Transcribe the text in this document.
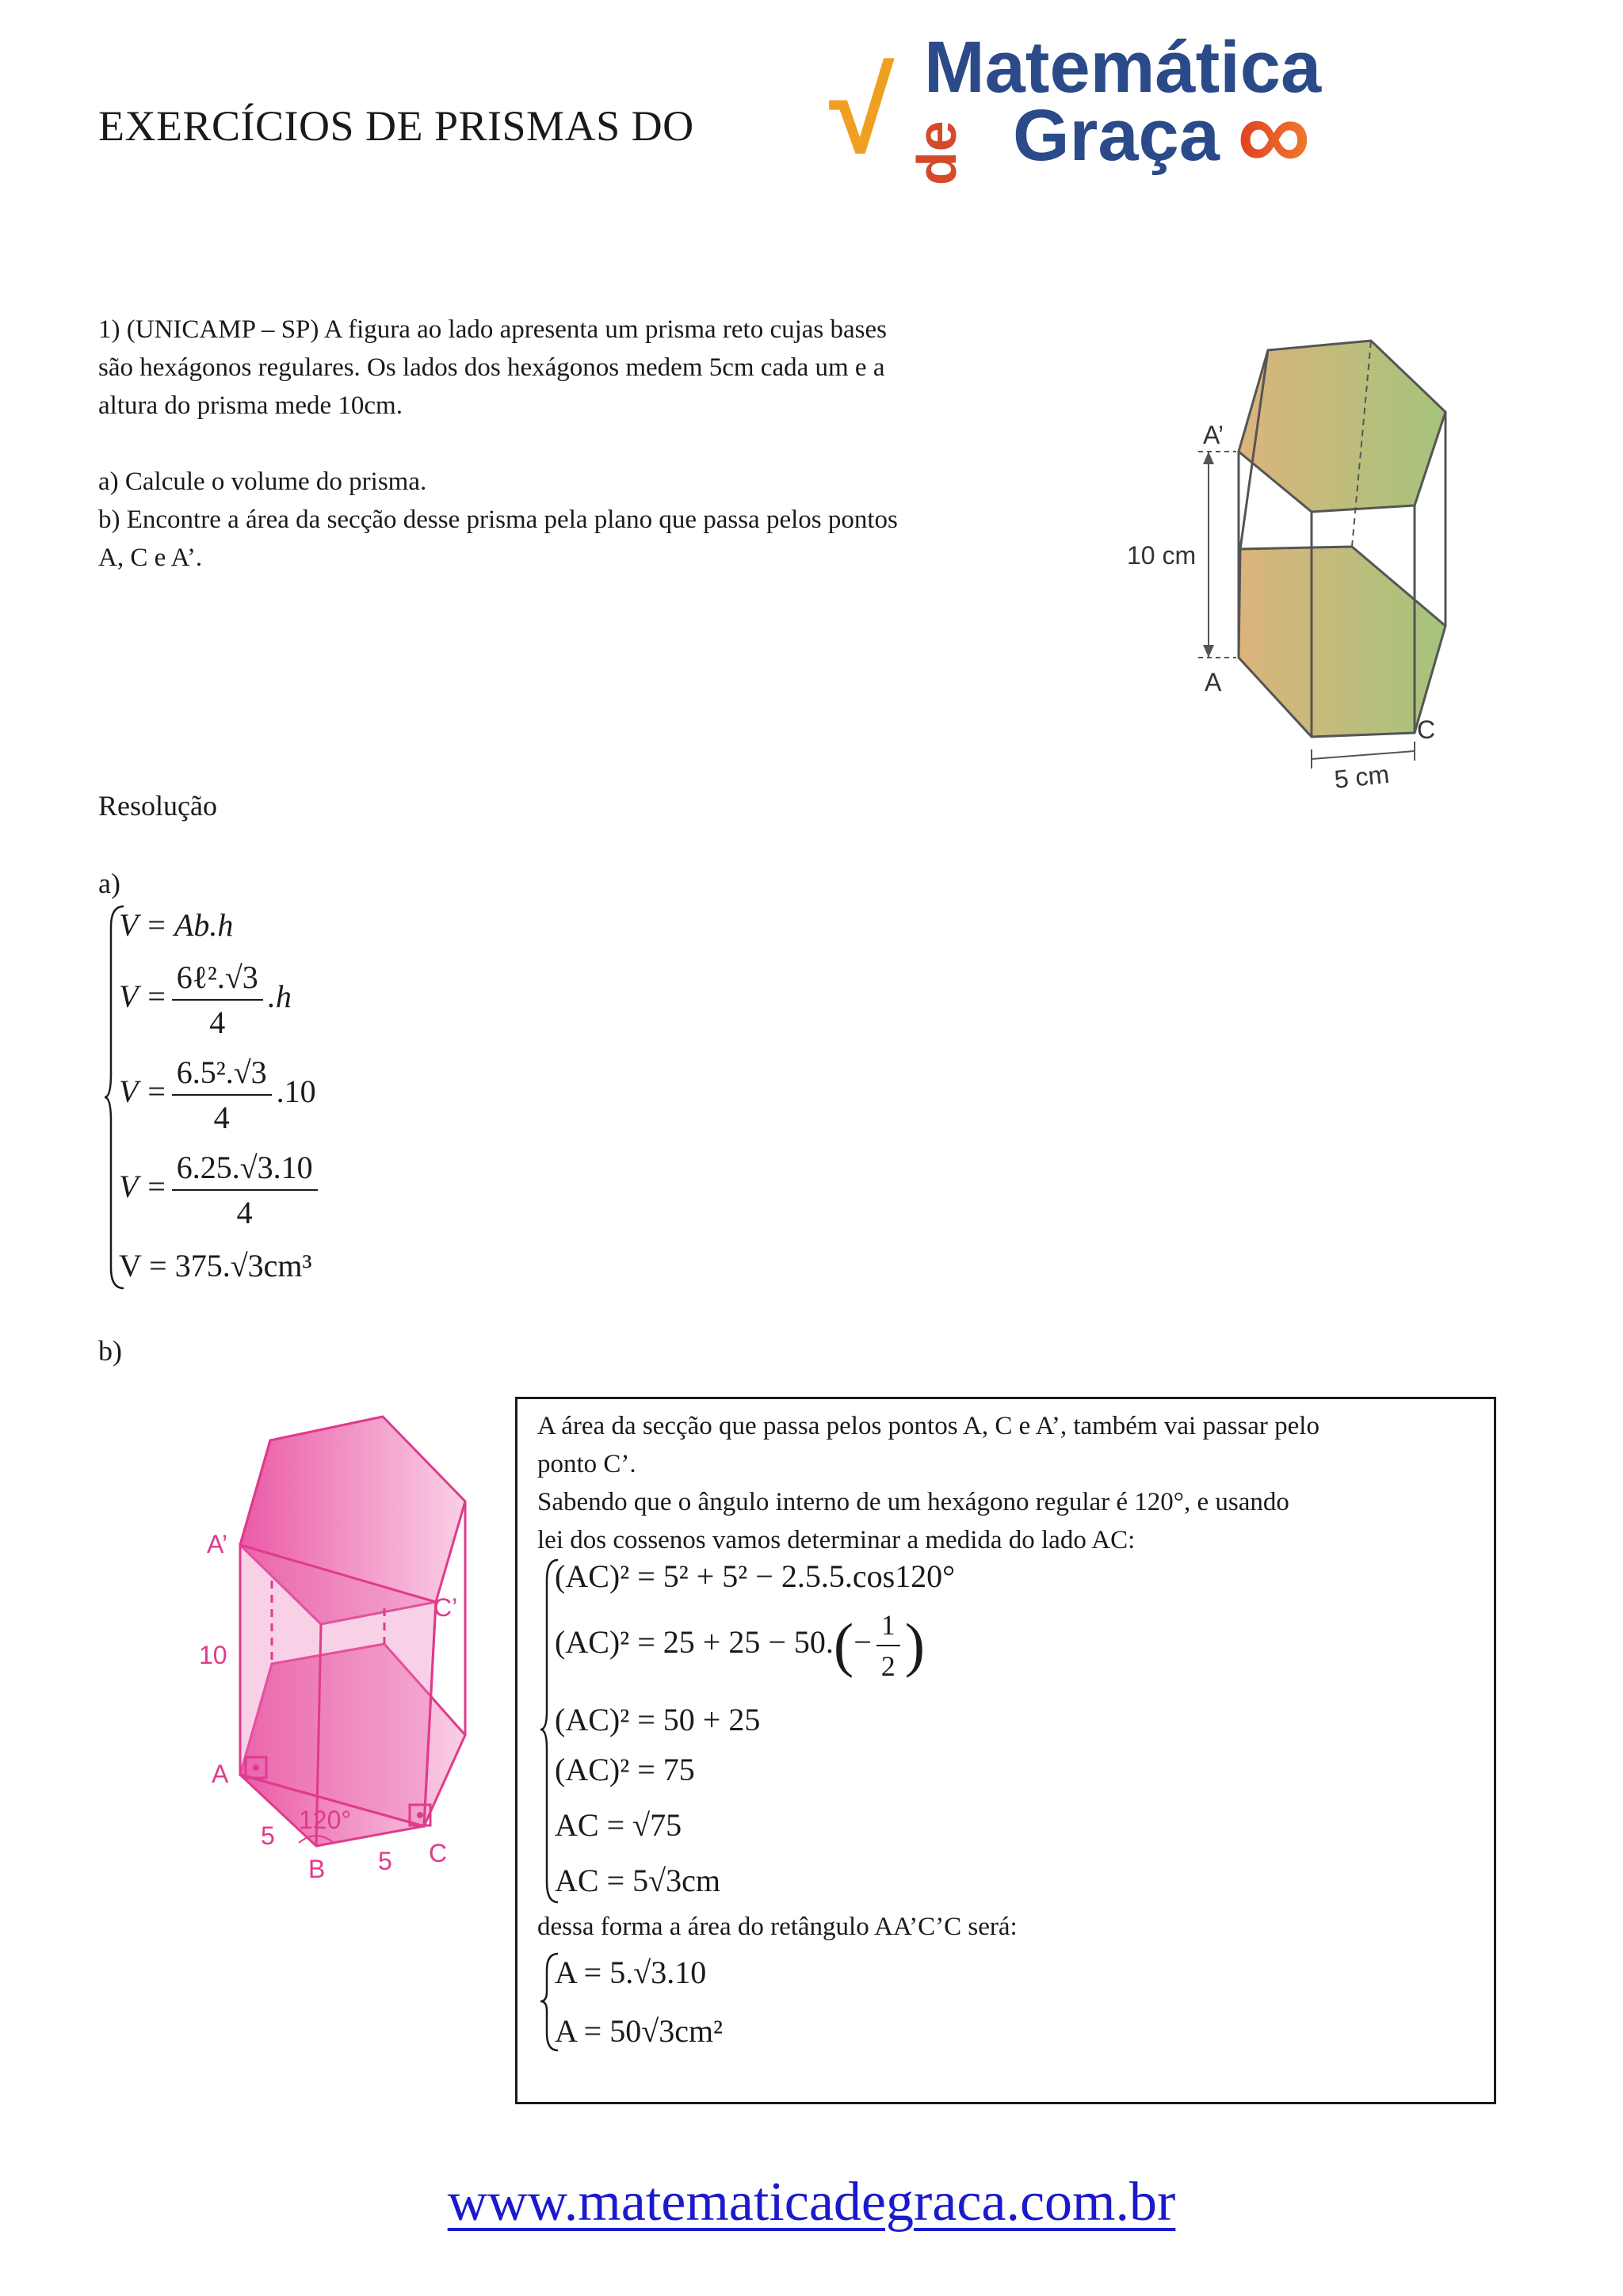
EXERCÍCIOS DE PRISMAS DO √ Matemática
de Graça ∞
1) (UNICAMP – SP) A figura ao lado apresenta um prisma reto cujas bases
são hexágonos regulares. Os lados dos hexágonos medem 5cm cada um e a
altura do prisma mede 10cm.
a) Calcule o volume do prisma.
b) Encontre a área da secção desse prisma pela plano que passa pelos pontos
A, C e A’.
A’
10 cm
A
C
5 cm
Resolução
a)
V = Ab.h
$V = \frac{\text{6ℓ².√3}}{4} .h$
$V = \frac{\text{6.5².√3}}{4} .10$
$V = \frac{6.25.√3.10}{4}$
V = 375.√3cm³
b)
A’
C’
10
A
5
120°
B 5 C
A área da secção que passa pelos pontos A, C e A’, também vai passar pelo
ponto C’.
Sabendo que o ângulo interno de um hexágono regular é 120°, e usando
lei dos cossenos vamos determinar a medida do lado AC:
(AC)² = 5² + 5² − 2.5.5.cos120°
$(AC)^2 = 25 + 25 - 50.(- \frac{1}{2}$ )
(AC)² = 50 + 25
(AC)² = 75
AC = √75
AC = 5√3cm
dessa forma a área do retângulo AA’C’C será:
A = 5.√3.10
A = 50√3cm²
www.matematicadegraca.com.br
